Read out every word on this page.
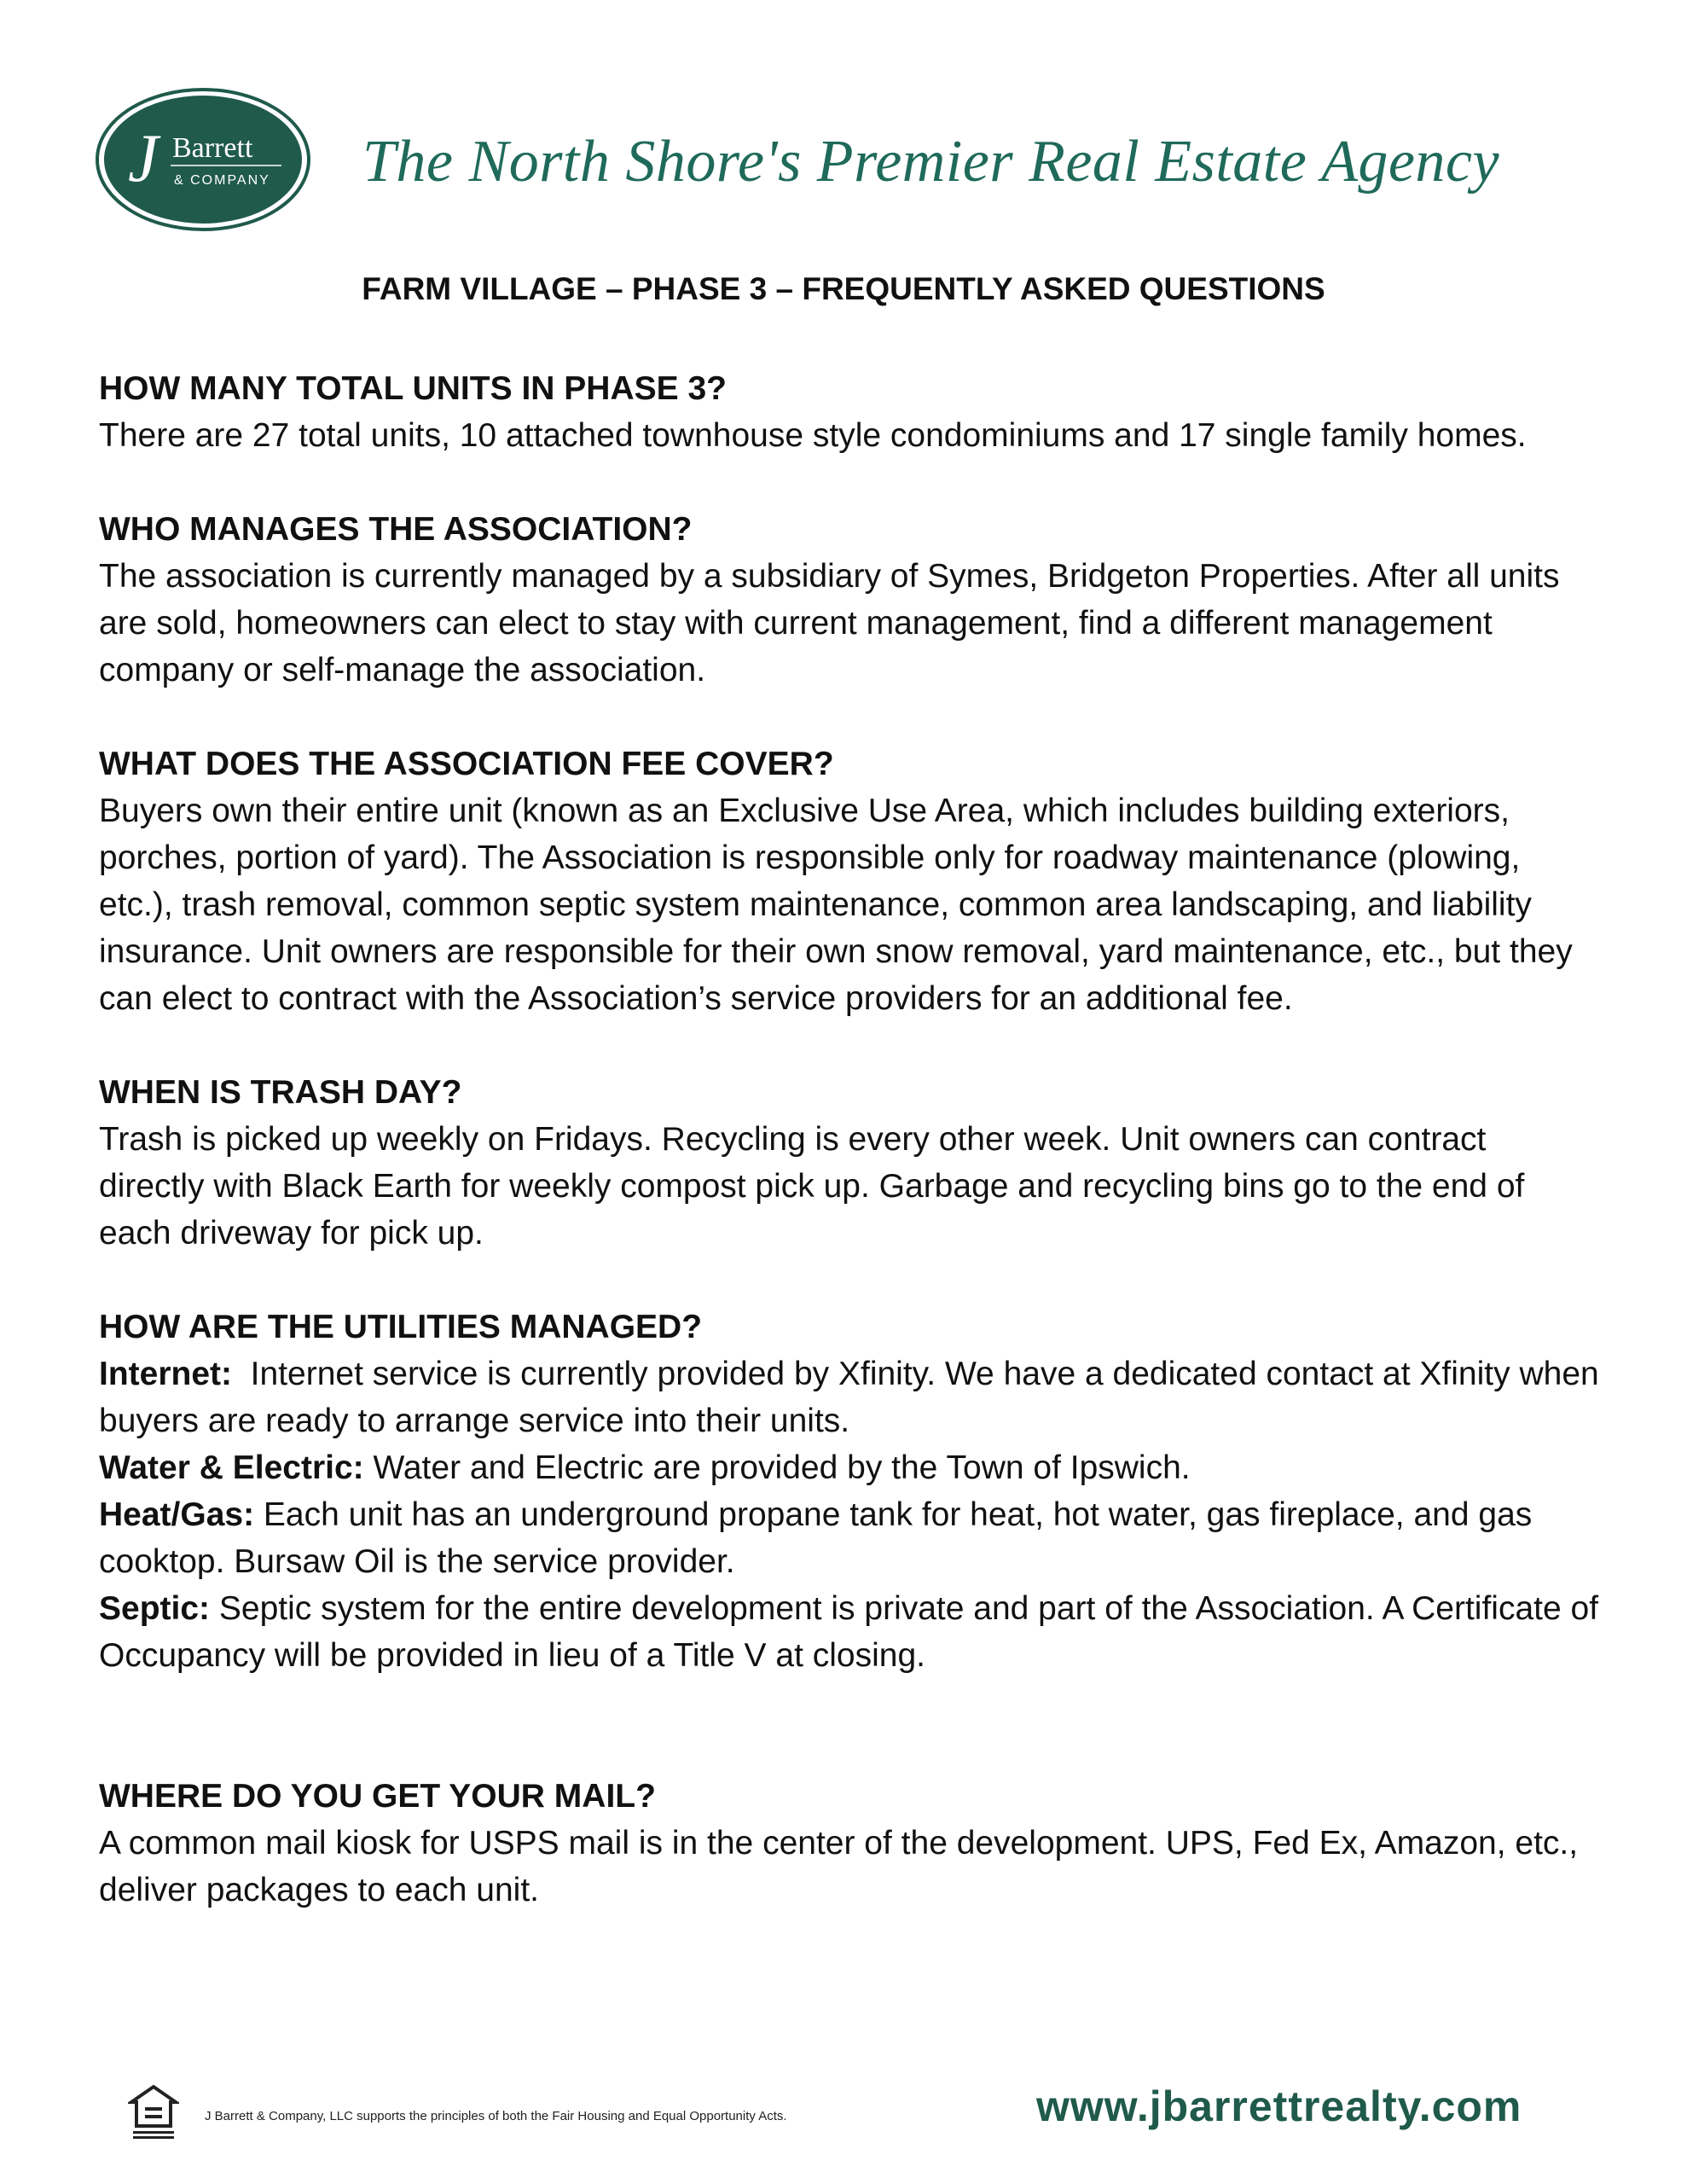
J Barrett
& COMPANY The North Shore's Premier Real Estate Agency
FARM VILLAGE – PHASE 3 – FREQUENTLY ASKED QUESTIONS
HOW MANY TOTAL UNITS IN PHASE 3?
There are 27 total units, 10 attached townhouse style condominiums and 17 single family homes.
WHO MANAGES THE ASSOCIATION?
The association is currently managed by a subsidiary of Symes, Bridgeton Properties. After all units are sold, homeowners can elect to stay with current management, find a different management company or self-manage the association.
WHAT DOES THE ASSOCIATION FEE COVER?
Buyers own their entire unit (known as an Exclusive Use Area, which includes building exteriors, porches, portion of yard). The Association is responsible only for roadway maintenance (plowing, etc.), trash removal, common septic system maintenance, common area landscaping, and liability insurance. Unit owners are responsible for their own snow removal, yard maintenance, etc., but they can elect to contract with the Association’s service providers for an additional fee.
WHEN IS TRASH DAY?
Trash is picked up weekly on Fridays. Recycling is every other week. Unit owners can contract directly with Black Earth for weekly compost pick up. Garbage and recycling bins go to the end of each driveway for pick up.
HOW ARE THE UTILITIES MANAGED?
Internet:  Internet service is currently provided by Xfinity. We have a dedicated contact at Xfinity when buyers are ready to arrange service into their units.
Water & Electric: Water and Electric are provided by the Town of Ipswich.
Heat/Gas: Each unit has an underground propane tank for heat, hot water, gas fireplace, and gas cooktop. Bursaw Oil is the service provider.
Septic: Septic system for the entire development is private and part of the Association. A Certificate of Occupancy will be provided in lieu of a Title V at closing.
WHERE DO YOU GET YOUR MAIL?
A common mail kiosk for USPS mail is in the center of the development. UPS, Fed Ex, Amazon, etc., deliver packages to each unit.
J Barrett & Company, LLC supports the principles of both the Fair Housing and Equal Opportunity Acts.	www.jbarrettrealty.com
